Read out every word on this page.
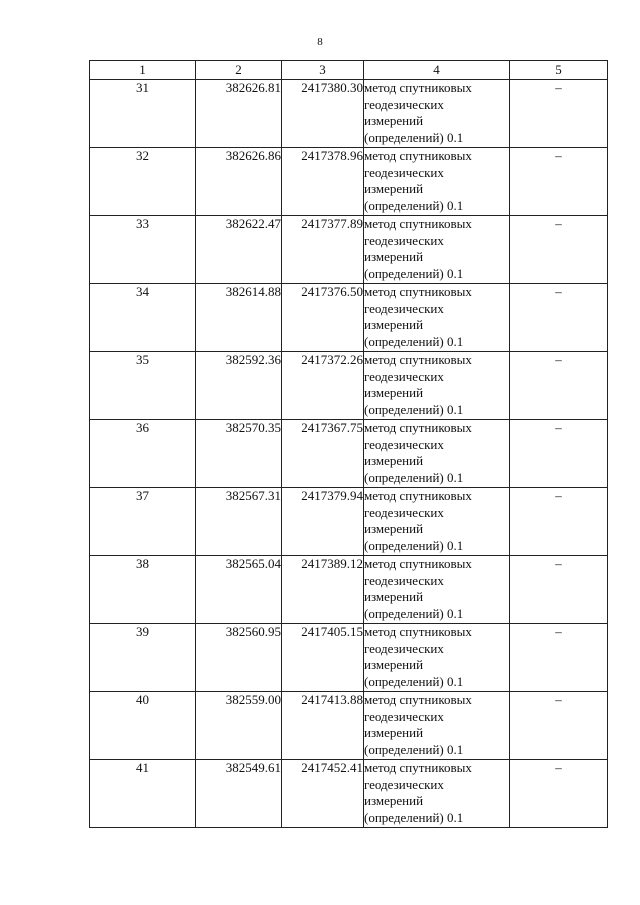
8
1	2	3	4	5
31	382626.81	2417380.30	метод спутниковых
геодезических
измерений
(определений) 0.1	–
32	382626.86	2417378.96	метод спутниковых
геодезических
измерений
(определений) 0.1	–
33	382622.47	2417377.89	метод спутниковых
геодезических
измерений
(определений) 0.1	–
34	382614.88	2417376.50	метод спутниковых
геодезических
измерений
(определений) 0.1	–
35	382592.36	2417372.26	метод спутниковых
геодезических
измерений
(определений) 0.1	–
36	382570.35	2417367.75	метод спутниковых
геодезических
измерений
(определений) 0.1	–
37	382567.31	2417379.94	метод спутниковых
геодезических
измерений
(определений) 0.1	–
38	382565.04	2417389.12	метод спутниковых
геодезических
измерений
(определений) 0.1	–
39	382560.95	2417405.15	метод спутниковых
геодезических
измерений
(определений) 0.1	–
40	382559.00	2417413.88	метод спутниковых
геодезических
измерений
(определений) 0.1	–
41	382549.61	2417452.41	метод спутниковых
геодезических
измерений
(определений) 0.1	–
